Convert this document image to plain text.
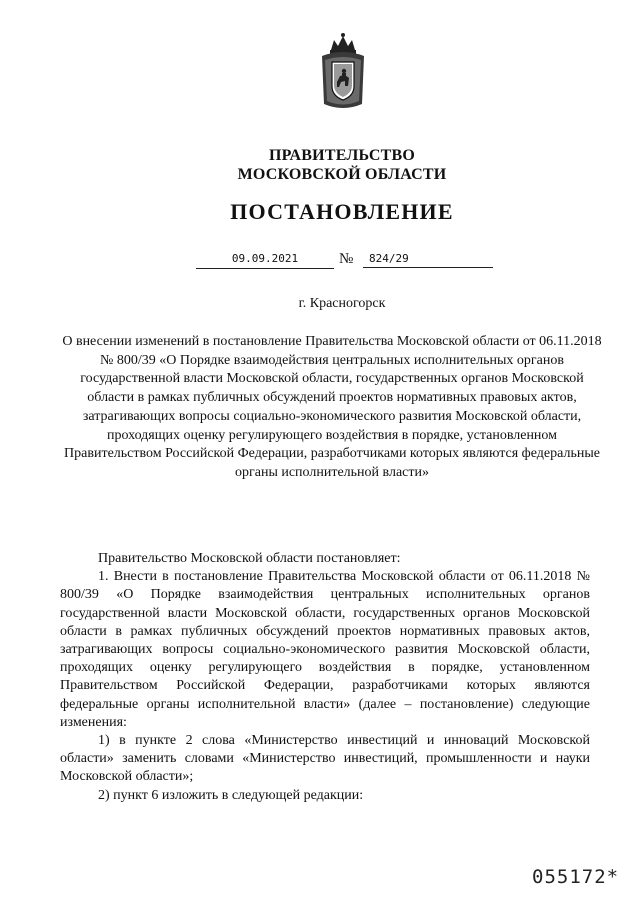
ПРАВИТЕЛЬСТВО
МОСКОВСКОЙ ОБЛАСТИ
ПОСТАНОВЛЕНИЕ
09.09.2021	№	824/29
г. Красногорск
О внесении изменений в постановление Правительства Московской области от 06.11.2018 № 800/39 «О Порядке взаимодействия центральных исполнительных органов государственной власти Московской области, государственных органов Московской области в рамках публичных обсуждений проектов нормативных правовых актов, затрагивающих вопросы социально-экономического развития Московской области, проходящих оценку регулирующего воздействия в порядке, установленном Правительством Российской Федерации, разработчиками которых являются федеральные органы исполнительной власти»

Правительство Московской области постановляет:

1. Внести в постановление Правительства Московской области от 06.11.2018 № 800/39 «О Порядке взаимодействия центральных исполнительных органов государственной власти Московской области, государственных органов Московской области в рамках публичных обсуждений проектов нормативных правовых актов, затрагивающих вопросы социально-экономического развития Московской области, проходящих оценку регулирующего воздействия в порядке, установленном Правительством Российской Федерации, разработчиками которых являются федеральные органы исполнительной власти» (далее – постановление) следующие изменения:

1) в пункте 2 слова «Министерство инвестиций и инноваций Московской области» заменить словами «Министерство инвестиций, промышленности и науки Московской области»;

2) пункт 6 изложить в следующей редакции:

055172*
